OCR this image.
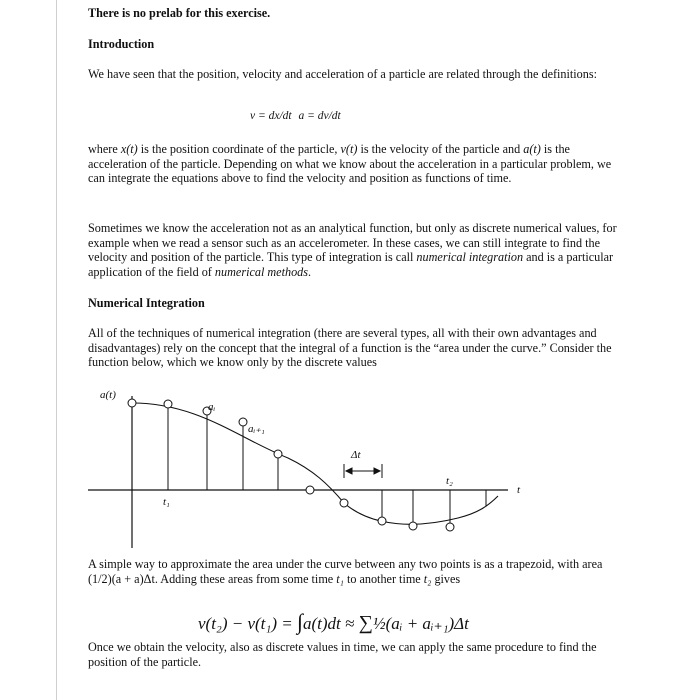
There is no prelab for this exercise.

Introduction

We have seen that the position, velocity and acceleration of a particle are related through the definitions:

v = dx/dt a = dv/dt

where x(t) is the position coordinate of the particle, v(t) is the velocity of the particle and a(t) is the acceleration of the particle. Depending on what we know about the acceleration in a particular problem, we can integrate the equations above to find the velocity and position as functions of time.

Sometimes we know the acceleration not as an analytical function, but only as discrete numerical values, for example when we read a sensor such as an accelerometer. In these cases, we can still integrate to find the velocity and position of the particle. This type of integration is call numerical integration and is a particular application of the field of numerical methods.

Numerical Integration

All of the techniques of numerical integration (there are several types, all with their own advantages and disadvantages) rely on the concept that the integral of a function is the “area under the curve.” Consider the function below, which we know only by the discrete values

a(t)
t
t₁
t₂
aᵢ
aᵢ₊₁
Δt

A simple way to approximate the area under the curve between any two points is as a trapezoid, with area (1/2)(a + a)Δt. Adding these areas from some time t₁ to another time t₂ gives

v(t₂) − v(t₁) = ∫a(t)dt ≈ ∑½(aᵢ + aᵢ₊₁)Δt

Once we obtain the velocity, also as discrete values in time, we can apply the same procedure to find the position of the particle.
